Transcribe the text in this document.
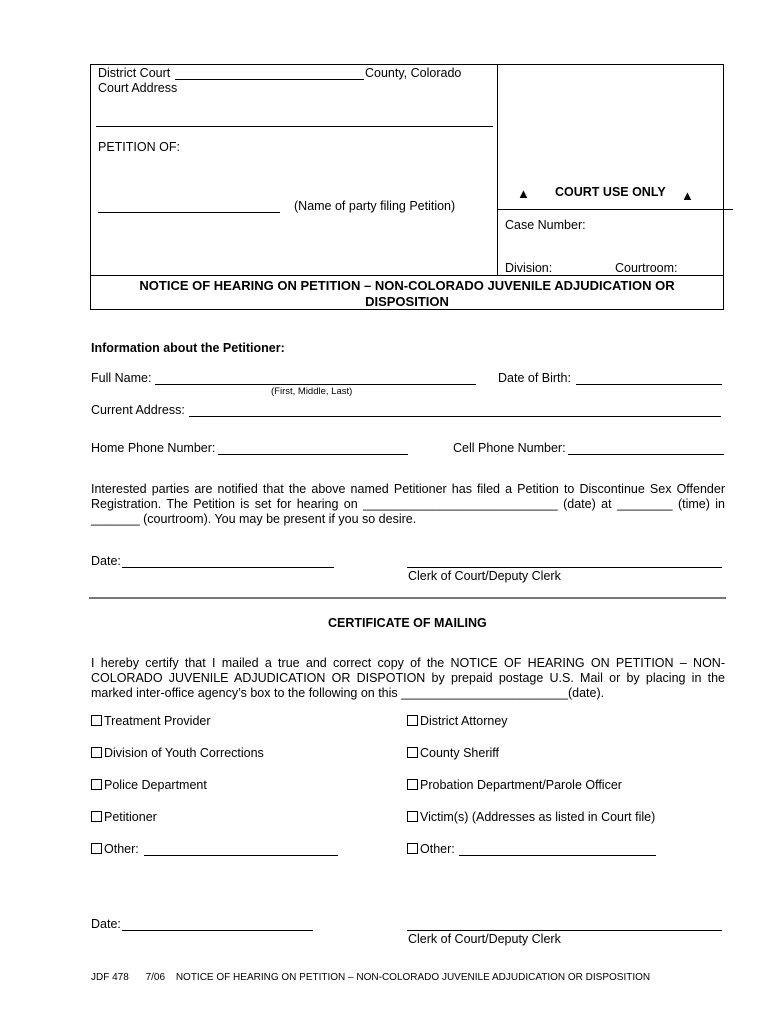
District Court	County, Colorado
Court Address
PETITION OF:
(Name of party filing Petition)
▲ COURT USE ONLY ▲
Case Number:
Division:	Courtroom:
NOTICE OF HEARING ON PETITION – NON-COLORADO JUVENILE ADJUDICATION OR
DISPOSITION
Information about the Petitioner:
Full Name:
(First, Middle, Last)
Date of Birth:
Current Address:
Home Phone Number:	Cell Phone Number:
Interested parties are notified that the above named Petitioner has filed a Petition to Discontinue Sex Offender Registration. The Petition is set for hearing on ____________________________ (date) at ________ (time) in _______ (courtroom). You may be present if you so desire.
Date:
Clerk of Court/Deputy Clerk
CERTIFICATE OF MAILING
I hereby certify that I mailed a true and correct copy of the NOTICE OF HEARING ON PETITION – NON-COLORADO JUVENILE ADJUDICATION OR DISPOTION by prepaid postage U.S. Mail or by placing in the marked inter-office agency’s box to the following on this ________________________(date).
Treatment Provider
Division of Youth Corrections
Police Department
Petitioner
Other:
District Attorney
County Sheriff
Probation Department/Parole Officer
Victim(s) (Addresses as listed in Court file)
Other:
Date:
Clerk of Court/Deputy Clerk
JDF 478 7/06 NOTICE OF HEARING ON PETITION – NON-COLORADO JUVENILE ADJUDICATION OR DISPOSITION
